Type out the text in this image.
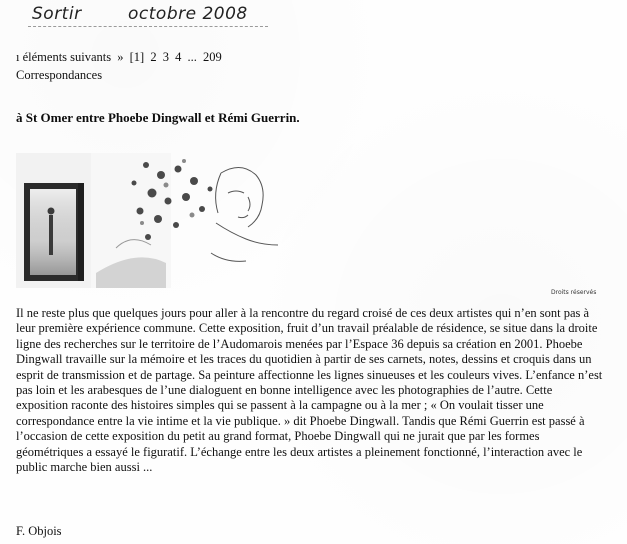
Sortir	octobre 2008
ı éléments suivants » [1] 2 3 4 ... 209
Correspondances
à St Omer entre Phoebe Dingwall et Rémi Guerrin.
Droits réservés
Il ne reste plus que quelques jours pour aller à la rencontre du regard croisé de ces deux artistes qui n’en sont pas à leur première expérience commune. Cette exposition, fruit d’un travail préalable de résidence, se situe dans la droite ligne des recherches sur le territoire de l’Audomarois menées par l’Espace 36 depuis sa création en 2001. Phoebe Dingwall travaille sur la mémoire et les traces du quotidien à partir de ses carnets, notes, dessins et croquis dans un esprit de transmission et de partage. Sa peinture affectionne les lignes sinueuses et les couleurs vives. L’enfance n’est pas loin et les arabesques de l’une dialoguent en bonne intelligence avec les photographies de l’autre. Cette exposition raconte des histoires simples qui se passent à la campagne ou à la mer ; « On voulait tisser une correspondance entre la vie intime et la vie publique. » dit Phoebe Dingwall. Tandis que Rémi Guerrin est passé à l’occasion de cette exposition du petit au grand format, Phoebe Dingwall qui ne jurait que par les formes géométriques a essayé le figuratif. L’échange entre les deux artistes a pleinement fonctionné, l’interaction avec le public marche bien aussi ...
F. Objois
